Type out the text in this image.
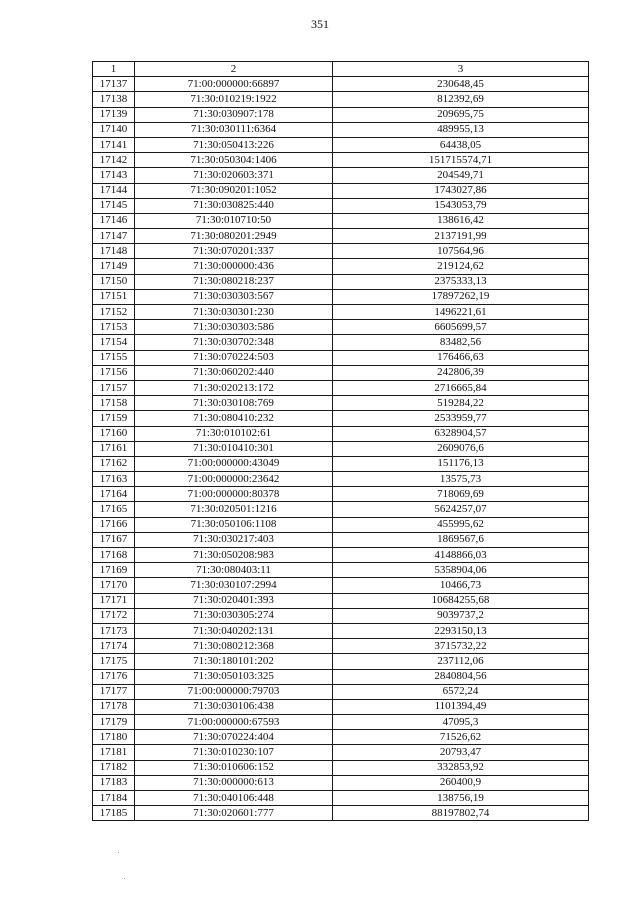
351
1	2	3
17137	71:00:000000:66897	230648,45
17138	71:30:010219:1922	812392,69
17139	71:30:030907:178	209695,75
17140	71:30:030111:6364	489955,13
17141	71:30:050413:226	64438,05
17142	71:30:050304:1406	151715574,71
17143	71:30:020603:371	204549,71
17144	71:30:090201:1052	1743027,86
17145	71:30:030825:440	1543053,79
17146	71:30:010710:50	138616,42
17147	71:30:080201:2949	2137191,99
17148	71:30:070201:337	107564,96
17149	71:30:000000:436	219124,62
17150	71:30:080218:237	2375333,13
17151	71:30:030303:567	17897262,19
17152	71:30:030301:230	1496221,61
17153	71:30:030303:586	6605699,57
17154	71:30:030702:348	83482,56
17155	71:30:070224:503	176466,63
17156	71:30:060202:440	242806,39
17157	71:30:020213:172	2716665,84
17158	71:30:030108:769	519284,22
17159	71:30:080410:232	2533959,77
17160	71:30:010102:61	6328904,57
17161	71:30:010410:301	2609076,6
17162	71:00:000000:43049	151176,13
17163	71:00:000000:23642	13575,73
17164	71:00:000000:80378	718069,69
17165	71:30:020501:1216	5624257,07
17166	71:30:050106:1108	455995,62
17167	71:30:030217:403	1869567,6
17168	71:30:050208:983	4148866,03
17169	71:30:080403:11	5358904,06
17170	71:30:030107:2994	10466,73
17171	71:30:020401:393	10684255,68
17172	71:30:030305:274	9039737,2
17173	71:30:040202:131	2293150,13
17174	71:30:080212:368	3715732,22
17175	71:30:180101:202	237112,06
17176	71:30:050103:325	2840804,56
17177	71:00:000000:79703	6572,24
17178	71:30:030106:438	1101394,49
17179	71:00:000000:67593	47095,3
17180	71:30:070224:404	71526,62
17181	71:30:010230:107	20793,47
17182	71:30:010606:152	332853,92
17183	71:30:000000:613	260400,9
17184	71:30:040106:448	138756,19
17185	71:30:020601:777	88197802,74
